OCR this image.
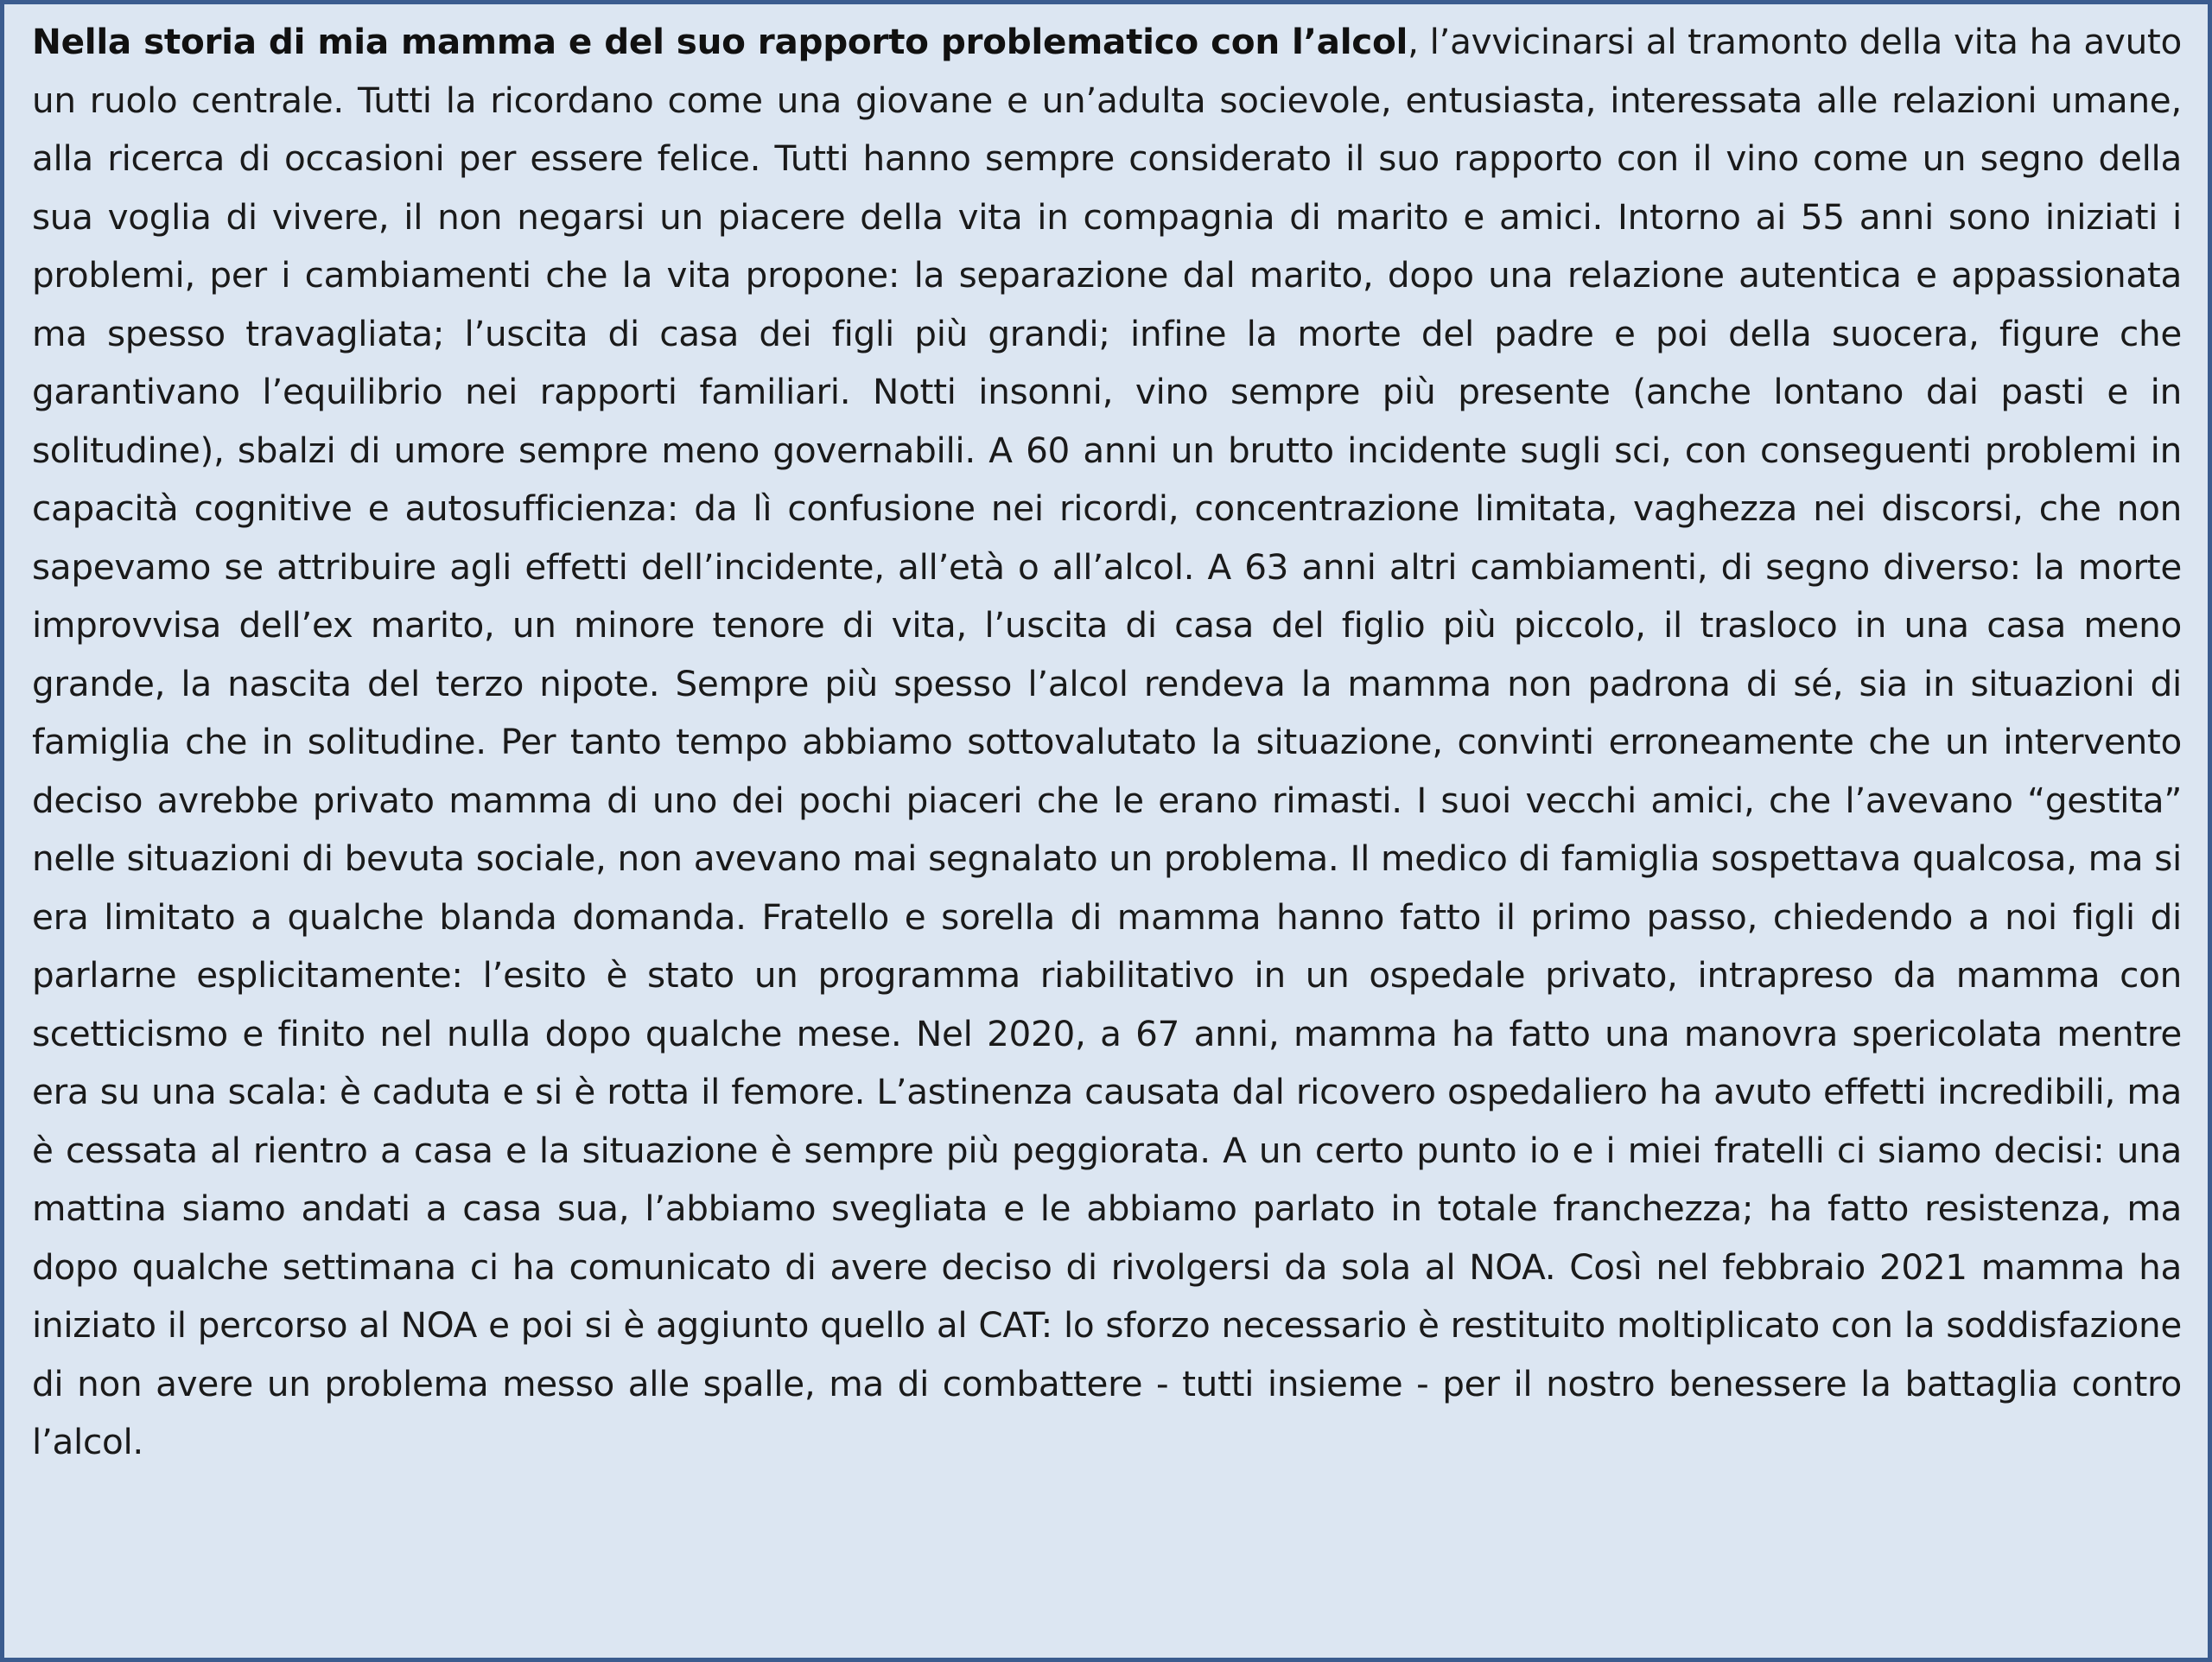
Nella storia di mia mamma e del suo rapporto problematico con l’alcol, l’avvicinarsi al tramonto della vita ha avuto un ruolo centrale. Tutti la ricordano come una giovane e un’adulta socievole, entusiasta, interessata alle relazioni umane, alla ricerca di occasioni per essere felice. Tutti hanno sempre considerato il suo rapporto con il vino come un segno della sua voglia di vivere, il non negarsi un piacere della vita in compagnia di marito e amici. Intorno ai 55 anni sono iniziati i problemi, per i cambiamenti che la vita propone: la separazione dal marito, dopo una relazione autentica e appassionata ma spesso travagliata; l’uscita di casa dei figli più grandi; infine la morte del padre e poi della suocera, figure che garantivano l’equilibrio nei rapporti familiari. Notti insonni, vino sempre più presente (anche lontano dai pasti e in solitudine), sbalzi di umore sempre meno governabili. A 60 anni un brutto incidente sugli sci, con conseguenti problemi in capacità cognitive e autosufficienza: da lì confusione nei ricordi, concentrazione limitata, vaghezza nei discorsi, che non sapevamo se attribuire agli effetti dell’incidente, all’età o all’alcol. A 63 anni altri cambiamenti, di segno diverso: la morte improvvisa dell’ex marito, un minore tenore di vita, l’uscita di casa del figlio più piccolo, il trasloco in una casa meno grande, la nascita del terzo nipote. Sempre più spesso l’alcol rendeva la mamma non padrona di sé, sia in situazioni di famiglia che in solitudine. Per tanto tempo abbiamo sottovalutato la situazione, convinti erroneamente che un intervento deciso avrebbe privato mamma di uno dei pochi piaceri che le erano rimasti. I suoi vecchi amici, che l’avevano “gestita” nelle situazioni di bevuta sociale, non avevano mai segnalato un problema. Il medico di famiglia sospettava qualcosa, ma si era limitato a qualche blanda domanda. Fratello e sorella di mamma hanno fatto il primo passo, chiedendo a noi figli di parlarne esplicitamente: l’esito è stato un programma riabilitativo in un ospedale privato, intrapreso da mamma con scetticismo e finito nel nulla dopo qualche mese. Nel 2020, a 67 anni, mamma ha fatto una manovra spericolata mentre era su una scala: è caduta e si è rotta il femore. L’astinenza causata dal ricovero ospedaliero ha avuto effetti incredibili, ma è cessata al rientro a casa e la situazione è sempre più peggiorata. A un certo punto io e i miei fratelli ci siamo decisi: una mattina siamo andati a casa sua, l’abbiamo svegliata e le abbiamo parlato in totale franchezza; ha fatto resistenza, ma dopo qualche settimana ci ha comunicato di avere deciso di rivolgersi da sola al NOA. Così nel febbraio 2021 mamma ha iniziato il percorso al NOA e poi si è aggiunto quello al CAT: lo sforzo necessario è restituito moltiplicato con la soddisfazione di non avere un problema messo alle spalle, ma di combattere - tutti insieme - per il nostro benessere la battaglia contro l’alcol.
